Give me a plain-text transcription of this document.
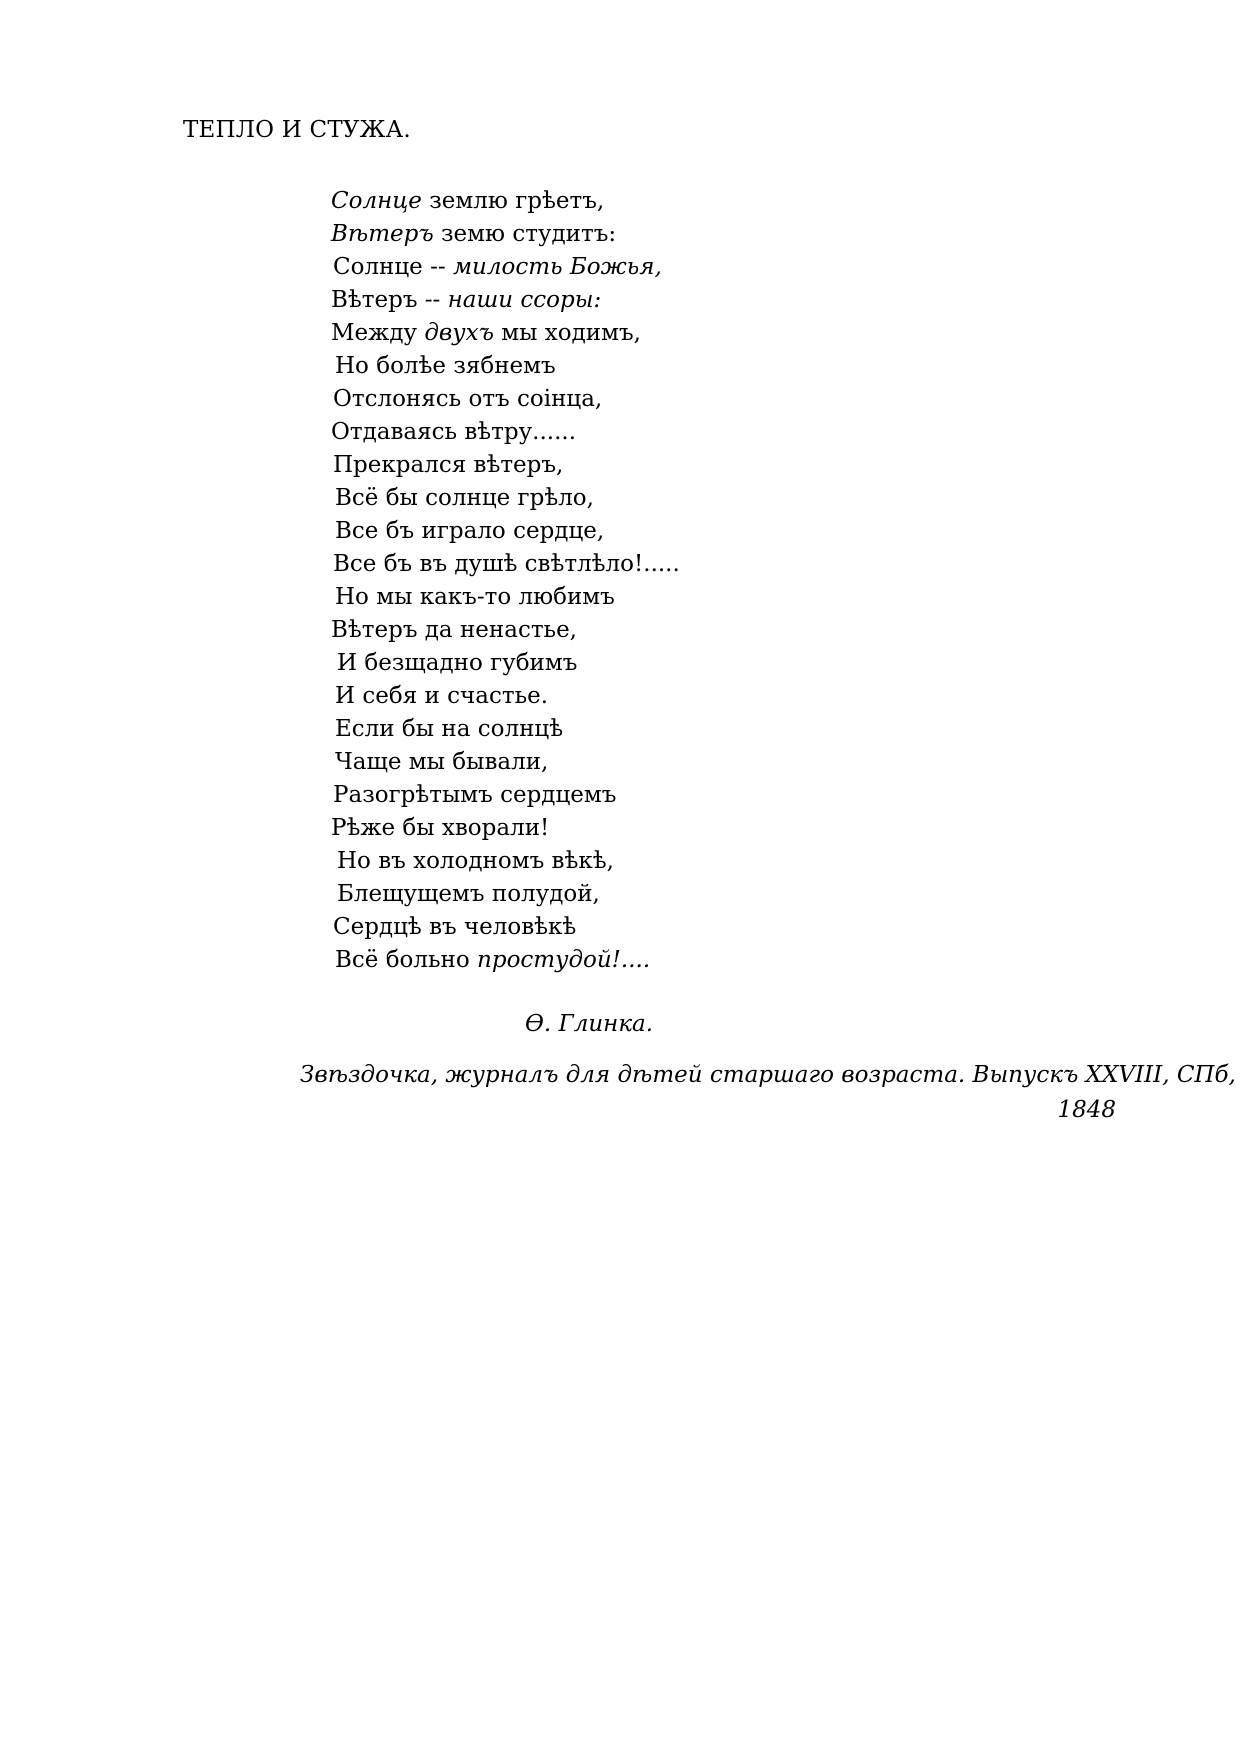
ТЕПЛО И СТУЖА.
Солнце землю грѣетъ,
Вѣтеръ земю студитъ:
Солнце -- милость Божья,
Вѣтеръ -- наши ссоры:
Между двухъ мы ходимъ,
Но болѣе зябнемъ
Отслонясь отъ соінца,
Отдаваясь вѣтру......
Прекрался вѣтеръ,
Всё бы солнце грѣло,
Все бъ играло сердце,
Все бъ въ душѣ свѣтлѣло!.....
Но мы какъ-то любимъ
Вѣтеръ да ненастье,
И безщадно губимъ
И себя и счастье.
Если бы на солнцѣ
Чаще мы бывали,
Разогрѣтымъ сердцемъ
Рѣже бы хворали!
Но въ холодномъ вѣкѣ,
Блещущемъ полудой,
Сердцѣ въ человѣкѣ
Всё больно простудой!....
Ѳ. Глинка.
Звѣздочка, журналъ для дѣтей старшаго возраста. Выпускъ XXVIII, СПб,
1848
